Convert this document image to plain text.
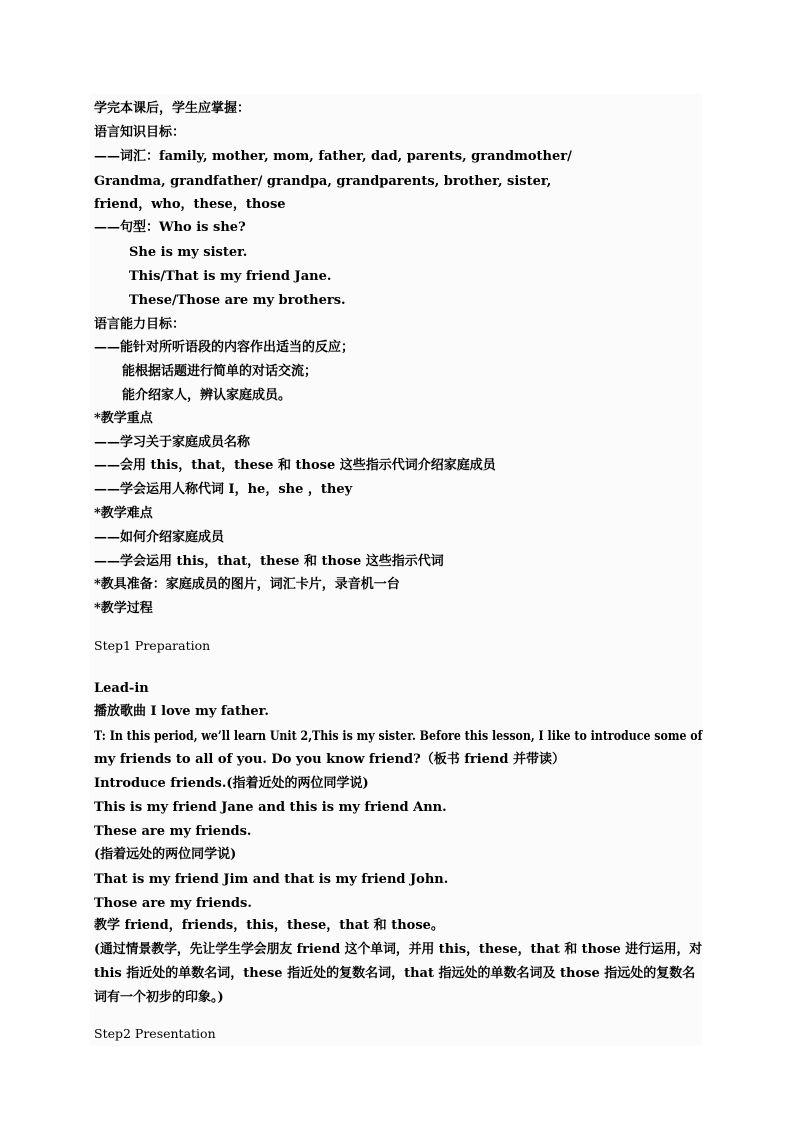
学完本课后，学生应掌握：
语言知识目标：
——词汇：family, mother, mom, father, dad, parents, grandmother/
Grandma, grandfather/ grandpa, grandparents, brother, sister,
friend，who，these，those
——句型：Who is she?
She is my sister.
This/That is my friend Jane.
These/Those are my brothers.
语言能力目标：
——能针对所听语段的内容作出适当的反应；
能根据话题进行简单的对话交流；
能介绍家人，辨认家庭成员。
*教学重点
——学习关于家庭成员名称
——会用 this，that，these 和 those 这些指示代词介绍家庭成员
——学会运用人称代词 I，he，she ，they
*教学难点
——如何介绍家庭成员
——学会运用 this，that，these 和 those 这些指示代词
*教具准备：家庭成员的图片，词汇卡片，录音机一台
*教学过程
Step1 Preparation
Lead-in
播放歌曲 I love my father.
T: In this period, we’ll learn Unit 2,This is my sister. Before this lesson, I like to introduce some of
my friends to all of you. Do you know friend?（板书 friend 并带读）
Introduce friends.(指着近处的两位同学说)
This is my friend Jane and this is my friend Ann.
These are my friends.
(指着远处的两位同学说)
That is my friend Jim and that is my friend John.
Those are my friends.
教学 friend，friends，this，these，that 和 those。
(通过情景教学，先让学生学会朋友 friend 这个单词，并用 this，these，that 和 those 进行运用，对
this 指近处的单数名词，these 指近处的复数名词，that 指远处的单数名词及 those 指远处的复数名
词有一个初步的印象。)
Step2 Presentation
